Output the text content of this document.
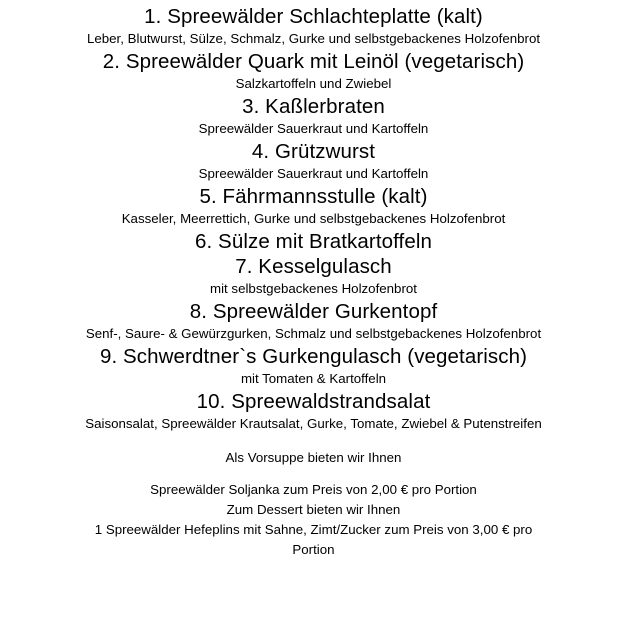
1. Spreewälder Schlachteplatte (kalt)
Leber, Blutwurst, Sülze, Schmalz, Gurke und selbstgebackenes Holzofenbrot
2. Spreewälder Quark mit Leinöl (vegetarisch)
Salzkartoffeln und Zwiebel
3. Kaßlerbraten
Spreewälder Sauerkraut und Kartoffeln
4. Grützwurst
Spreewälder Sauerkraut und Kartoffeln
5. Fährmannsstulle (kalt)
Kasseler, Meerrettich, Gurke und selbstgebackenes Holzofenbrot
6. Sülze mit Bratkartoffeln
7. Kesselgulasch
mit selbstgebackenes Holzofenbrot
8. Spreewälder Gurkentopf
Senf-, Saure- & Gewürzgurken, Schmalz und selbstgebackenes Holzofenbrot
9. Schwerdtner`s Gurkengulasch (vegetarisch)
mit Tomaten & Kartoffeln
10. Spreewaldstrandsalat
Saisonsalat, Spreewälder Krautsalat, Gurke, Tomate, Zwiebel & Putenstreifen
Als Vorsuppe bieten wir Ihnen
Spreewälder Soljanka zum Preis von 2,00 € pro Portion
Zum Dessert bieten wir Ihnen
1 Spreewälder Hefeplins mit Sahne, Zimt/Zucker zum Preis von 3,00 € pro Portion
